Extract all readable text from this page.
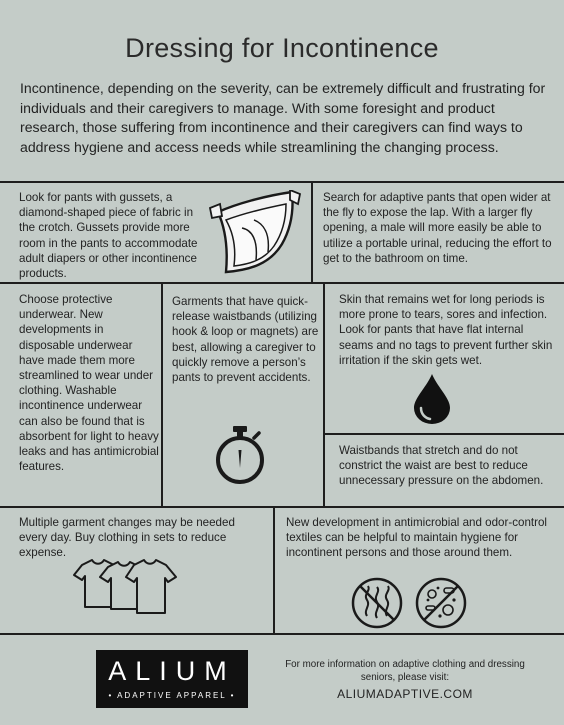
Dressing for Incontinence
Incontinence, depending on the severity, can be extremely difficult and frustrating for individuals and their caregivers to manage. With some foresight and product research, those suffering from incontinence and their caregivers can find ways to address hygiene and access needs while streamlining the changing process.
Look for pants with gussets, a diamond-shaped piece of fabric in the crotch. Gussets provide more room in the pants to accommodate adult diapers or other incontinence products.
Search for adaptive pants that open wider at the fly to expose the lap. With a larger fly opening, a male will more easily be able to utilize a portable urinal, reducing the effort to get to the bathroom on time.
Choose protective underwear. New developments in disposable underwear have made them more streamlined to wear under clothing. Washable incontinence underwear can also be found that is absorbent for light to heavy leaks and has antimicrobial features.
Garments that have quick-release waistbands (utilizing hook & loop or magnets) are best, allowing a caregiver to quickly remove a person’s pants to prevent accidents.
Skin that remains wet for long periods is more prone to tears, sores and infection. Look for pants that have flat internal seams and no tags to prevent further skin irritation if the skin gets wet.
Waistbands that stretch and do not constrict the waist are best to reduce unnecessary pressure on the abdomen.
Multiple garment changes may be needed every day. Buy clothing in sets to reduce expense.
New development in antimicrobial and odor-control textiles can be helpful to maintain hygiene for incontinent persons and those around them.
ALIUM
• ADAPTIVE APPAREL •
For more information on adaptive clothing and dressing seniors, please visit:
ALIUMADAPTIVE.COM
